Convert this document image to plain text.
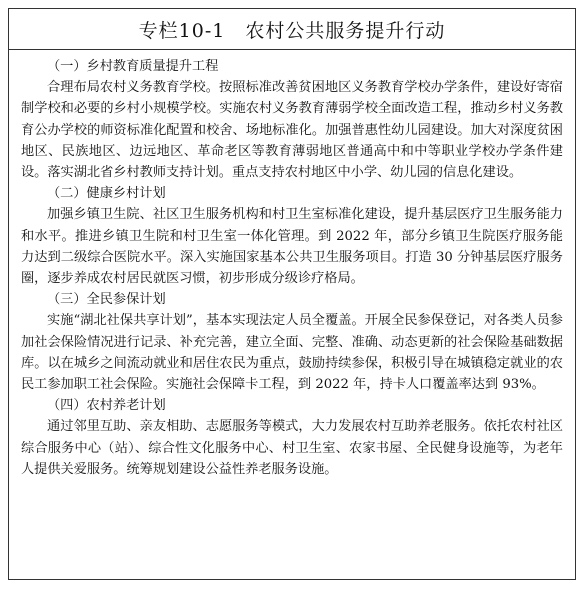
专栏10-1　农村公共服务提升行动

（一）乡村教育质量提升工程

合理布局农村义务教育学校。按照标准改善贫困地区义务教育学校办学条件，建设好寄宿制学校和必要的乡村小规模学校。实施农村义务教育薄弱学校全面改造工程，推动乡村义务教育公办学校的师资标准化配置和校舍、场地标准化。加强普惠性幼儿园建设。加大对深度贫困地区、民族地区、边远地区、革命老区等教育薄弱地区普通高中和中等职业学校办学条件建设。落实湖北省乡村教师支持计划。重点支持农村地区中小学、幼儿园的信息化建设。

（二）健康乡村计划

加强乡镇卫生院、社区卫生服务机构和村卫生室标准化建设，提升基层医疗卫生服务能力和水平。推进乡镇卫生院和村卫生室一体化管理。到 2022 年，部分乡镇卫生院医疗服务能力达到二级综合医院水平。深入实施国家基本公共卫生服务项目。打造 30 分钟基层医疗服务圈，逐步养成农村居民就医习惯，初步形成分级诊疗格局。

（三）全民参保计划

实施“湖北社保共享计划”，基本实现法定人员全覆盖。开展全民参保登记，对各类人员参加社会保险情况进行记录、补充完善，建立全面、完整、准确、动态更新的社会保险基础数据库。以在城乡之间流动就业和居住农民为重点，鼓励持续参保，积极引导在城镇稳定就业的农民工参加职工社会保险。实施社会保障卡工程，到 2022 年，持卡人口覆盖率达到 93%。

（四）农村养老计划

通过邻里互助、亲友相助、志愿服务等模式，大力发展农村互助养老服务。依托农村社区综合服务中心（站）、综合性文化服务中心、村卫生室、农家书屋、全民健身设施等，为老年人提供关爱服务。统筹规划建设公益性养老服务设施。
